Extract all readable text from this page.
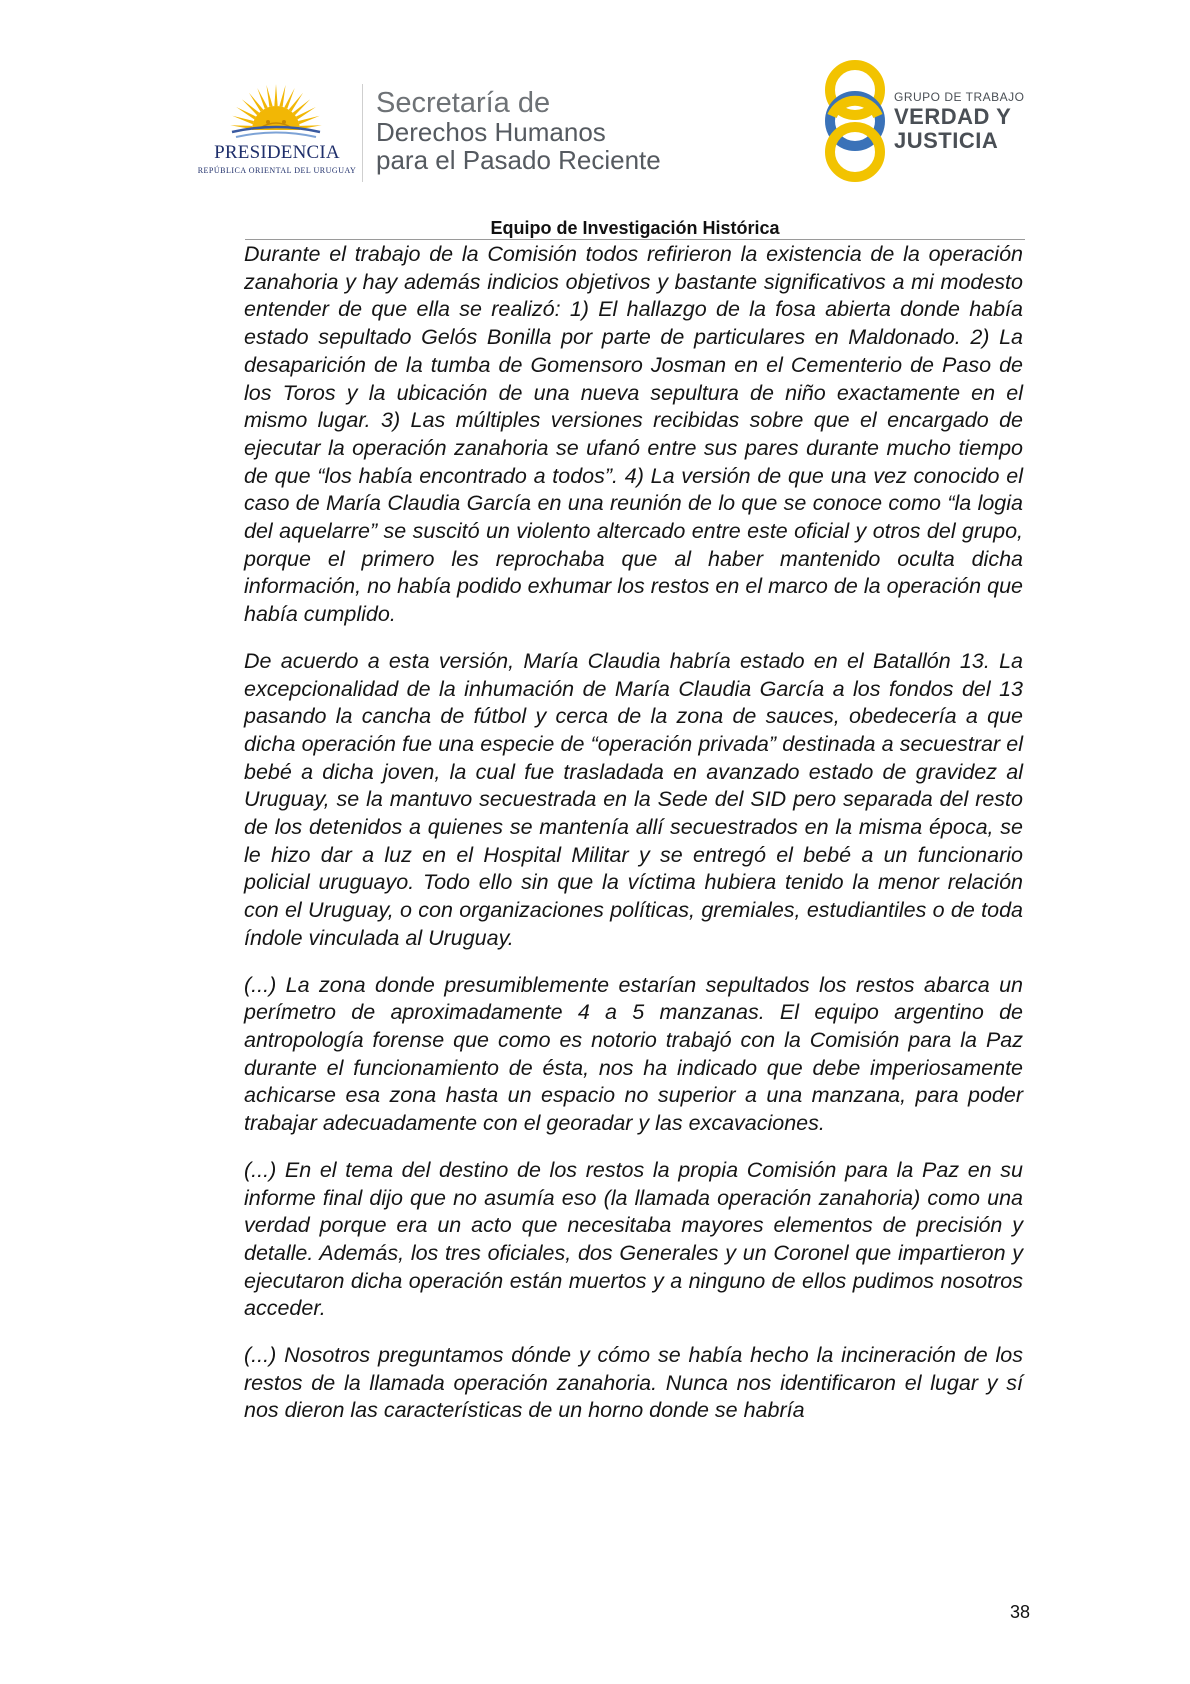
PRESIDENCIA
REPÚBLICA ORIENTAL DEL URUGUAY
Secretaría de
Derechos Humanos
para el Pasado Reciente
GRUPO DE TRABAJO
VERDAD Y
JUSTICIA
Equipo de Investigación Histórica

Durante el trabajo de la Comisión todos refirieron la existencia de la operación zanahoria y hay además indicios objetivos y bastante significativos a mi modesto entender de que ella se realizó: 1) El hallazgo de la fosa abierta donde había estado sepultado Gelós Bonilla por parte de particulares en Maldonado. 2) La desaparición de la tumba de Gomensoro Josman en el Cementerio de Paso de los Toros y la ubicación de una nueva sepultura de niño exactamente en el mismo lugar. 3) Las múltiples versiones recibidas sobre que el encargado de ejecutar la operación zanahoria se ufanó entre sus pares durante mucho tiempo de que “los había encontrado a todos”. 4) La versión de que una vez conocido el caso de María Claudia García en una reunión de lo que se conoce como “la logia del aquelarre” se suscitó un violento altercado entre este oficial y otros del grupo, porque el primero les reprochaba que al haber mantenido oculta dicha información, no había podido exhumar los restos en el marco de la operación que había cumplido.

De acuerdo a esta versión, María Claudia habría estado en el Batallón 13. La excepcionalidad de la inhumación de María Claudia García a los fondos del 13 pasando la cancha de fútbol y cerca de la zona de sauces, obedecería a que dicha operación fue una especie de “operación privada” destinada a secuestrar el bebé a dicha joven, la cual fue trasladada en avanzado estado de gravidez al Uruguay, se la mantuvo secuestrada en la Sede del SID pero separada del resto de los detenidos a quienes se mantenía allí secuestrados en la misma época, se le hizo dar a luz en el Hospital Militar y se entregó el bebé a un funcionario policial uruguayo. Todo ello sin que la víctima hubiera tenido la menor relación con el Uruguay, o con organizaciones políticas, gremiales, estudiantiles o de toda índole vinculada al Uruguay.

(...) La zona donde presumiblemente estarían sepultados los restos abarca un perímetro de aproximadamente 4 a 5 manzanas. El equipo argentino de antropología forense que como es notorio trabajó con la Comisión para la Paz durante el funcionamiento de ésta, nos ha indicado que debe imperiosamente achicarse esa zona hasta un espacio no superior a una manzana, para poder trabajar adecuadamente con el georadar y las excavaciones.

(...) En el tema del destino de los restos la propia Comisión para la Paz en su informe final dijo que no asumía eso (la llamada operación zanahoria) como una verdad porque era un acto que necesitaba mayores elementos de precisión y detalle. Además, los tres oficiales, dos Generales y un Coronel que impartieron y ejecutaron dicha operación están muertos y a ninguno de ellos pudimos nosotros acceder.

(...) Nosotros preguntamos dónde y cómo se había hecho la incineración de los restos de la llamada operación zanahoria. Nunca nos identificaron el lugar y sí nos dieron las características de un horno donde se habría

38
